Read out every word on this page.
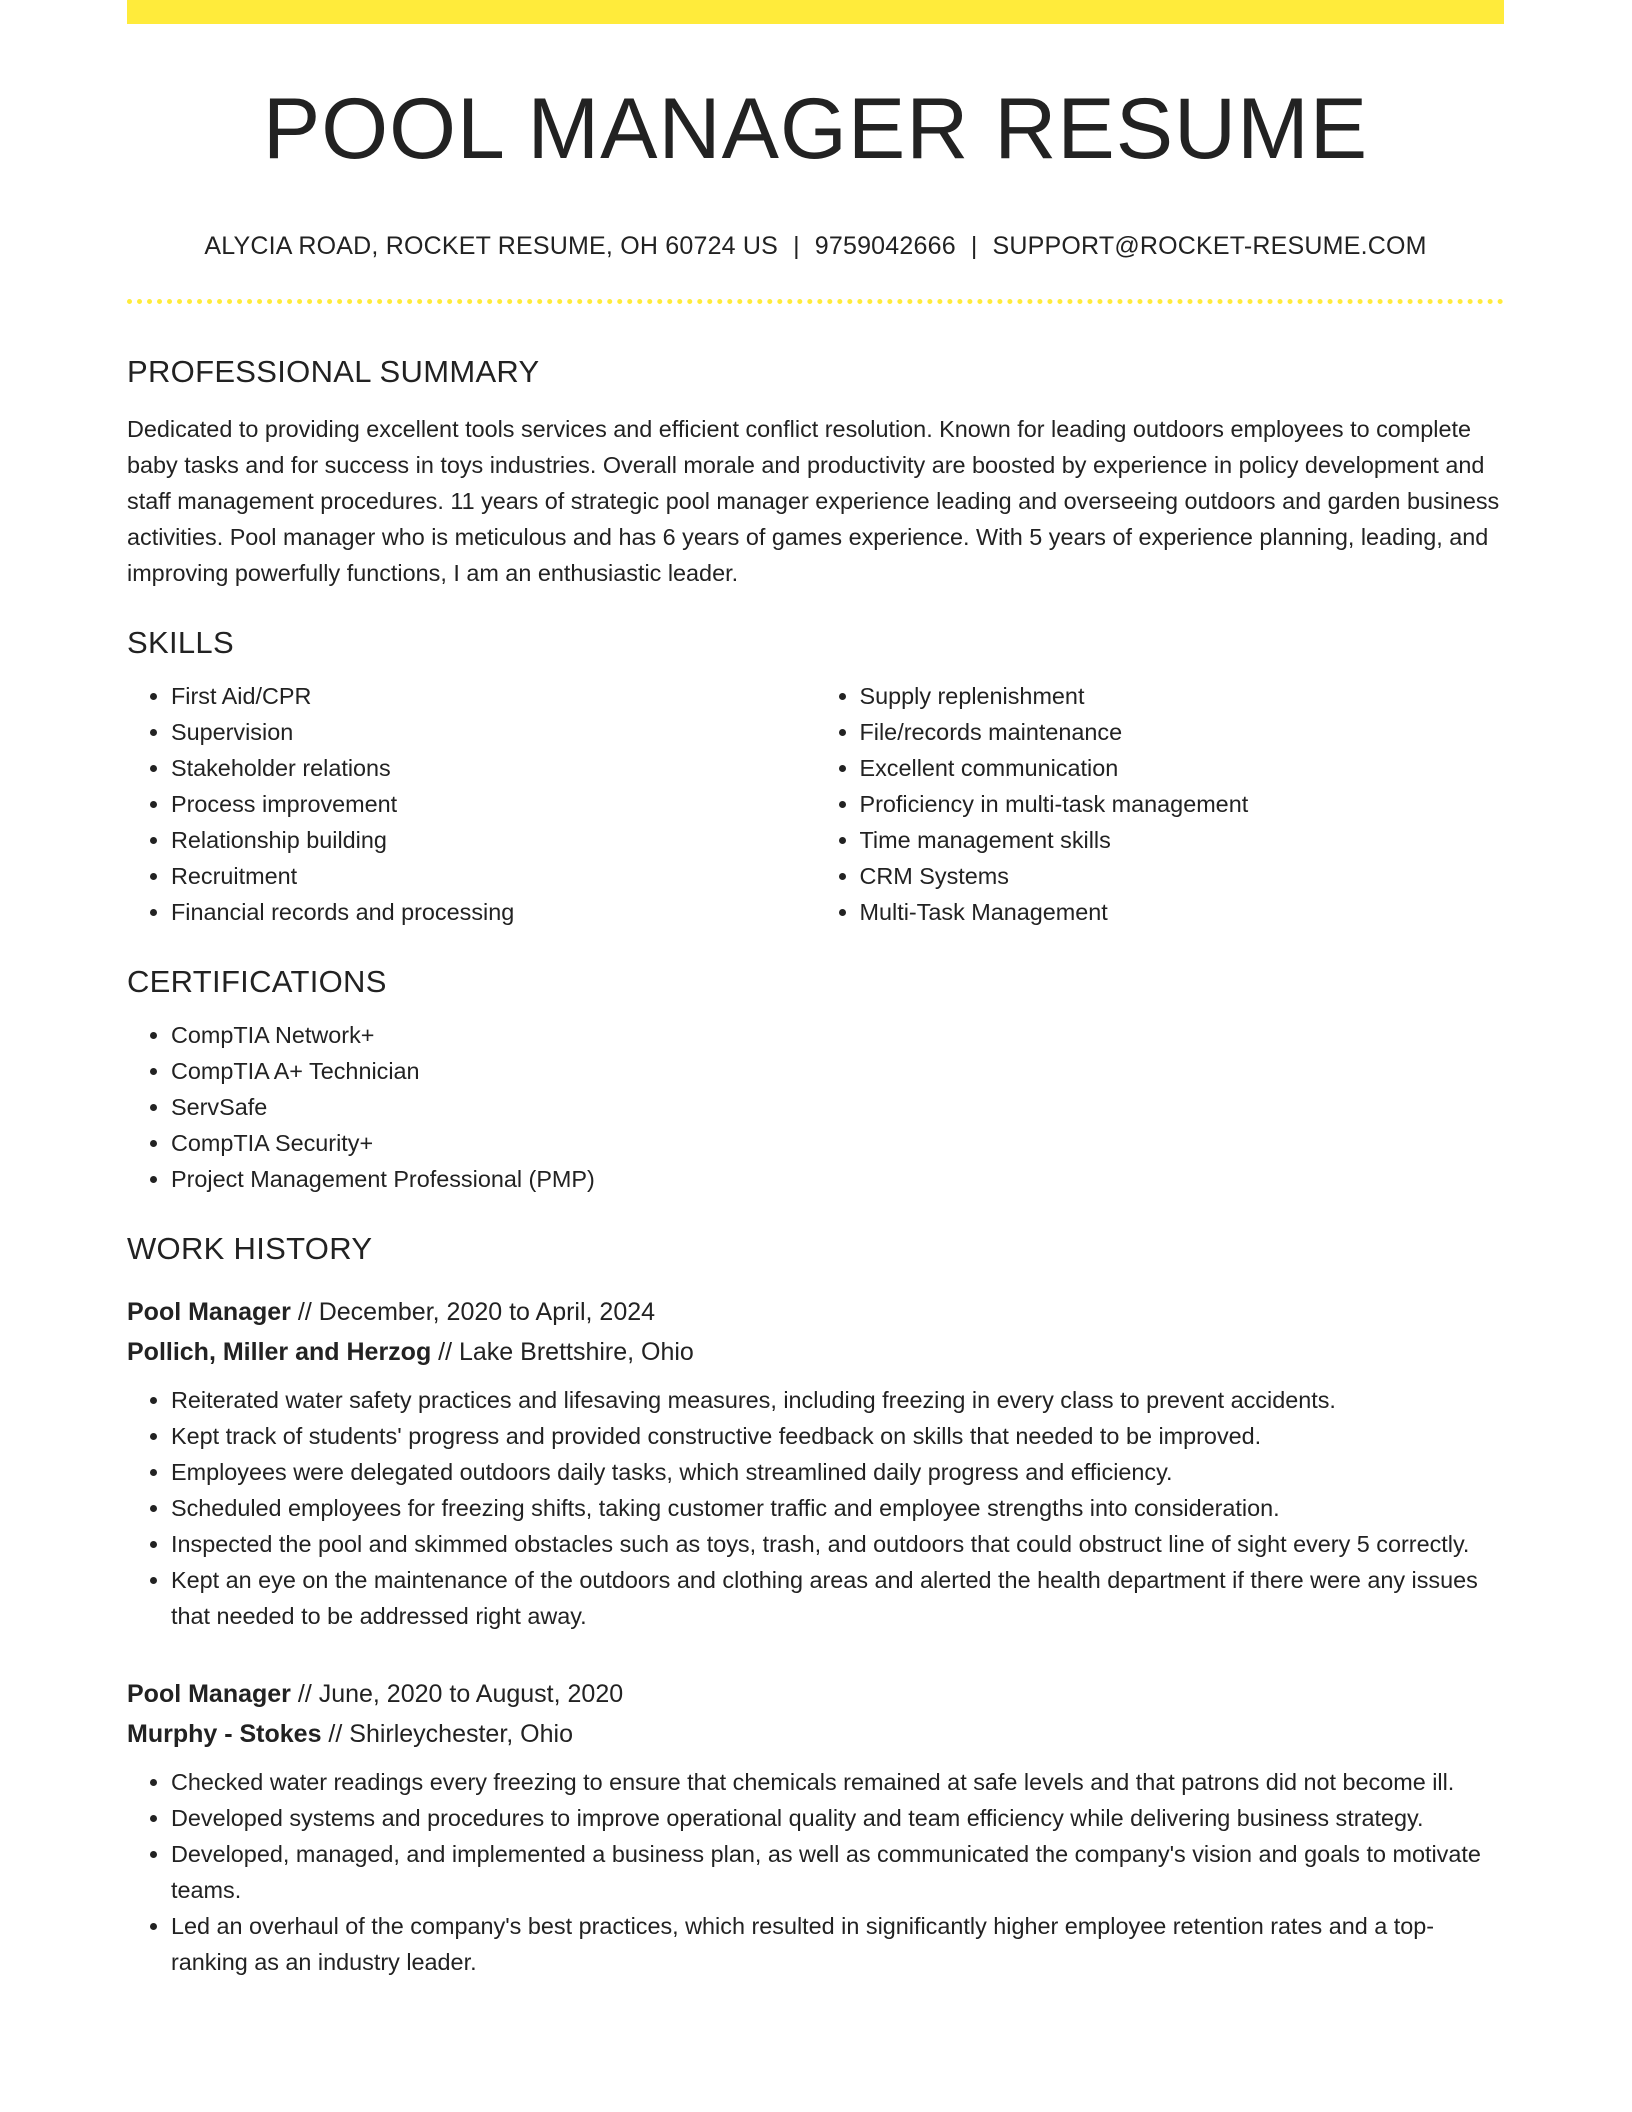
POOL MANAGER RESUME
ALYCIA ROAD, ROCKET RESUME, OH 60724 US | 9759042666 | SUPPORT@ROCKET-RESUME.COM
PROFESSIONAL SUMMARY

Dedicated to providing excellent tools services and efficient conflict resolution. Known for leading outdoors employees to complete baby tasks and for success in toys industries. Overall morale and productivity are boosted by experience in policy development and staff management procedures. 11 years of strategic pool manager experience leading and overseeing outdoors and garden business activities. Pool manager who is meticulous and has 6 years of games experience. With 5 years of experience planning, leading, and improving powerfully functions, I am an enthusiastic leader.

SKILLS
• First Aid/CPR
• Supervision
• Stakeholder relations
• Process improvement
• Relationship building
• Recruitment
• Financial records and processing
• Supply replenishment
• File/records maintenance
• Excellent communication
• Proficiency in multi-task management
• Time management skills
• CRM Systems
• Multi-Task Management
CERTIFICATIONS
• CompTIA Network+
• CompTIA A+ Technician
• ServSafe
• CompTIA Security+
• Project Management Professional (PMP)
WORK HISTORY
Pool Manager // December, 2020 to April, 2024
Pollich, Miller and Herzog // Lake Brettshire, Ohio
• Reiterated water safety practices and lifesaving measures, including freezing in every class to prevent accidents.
• Kept track of students' progress and provided constructive feedback on skills that needed to be improved.
• Employees were delegated outdoors daily tasks, which streamlined daily progress and efficiency.
• Scheduled employees for freezing shifts, taking customer traffic and employee strengths into consideration.
• Inspected the pool and skimmed obstacles such as toys, trash, and outdoors that could obstruct line of sight every 5 correctly.
• Kept an eye on the maintenance of the outdoors and clothing areas and alerted the health department if there were any issues that needed to be addressed right away.
Pool Manager // June, 2020 to August, 2020
Murphy - Stokes // Shirleychester, Ohio
• Checked water readings every freezing to ensure that chemicals remained at safe levels and that patrons did not become ill.
• Developed systems and procedures to improve operational quality and team efficiency while delivering business strategy.
• Developed, managed, and implemented a business plan, as well as communicated the company's vision and goals to motivate teams.
• Led an overhaul of the company's best practices, which resulted in significantly higher employee retention rates and a top-ranking as an industry leader.
